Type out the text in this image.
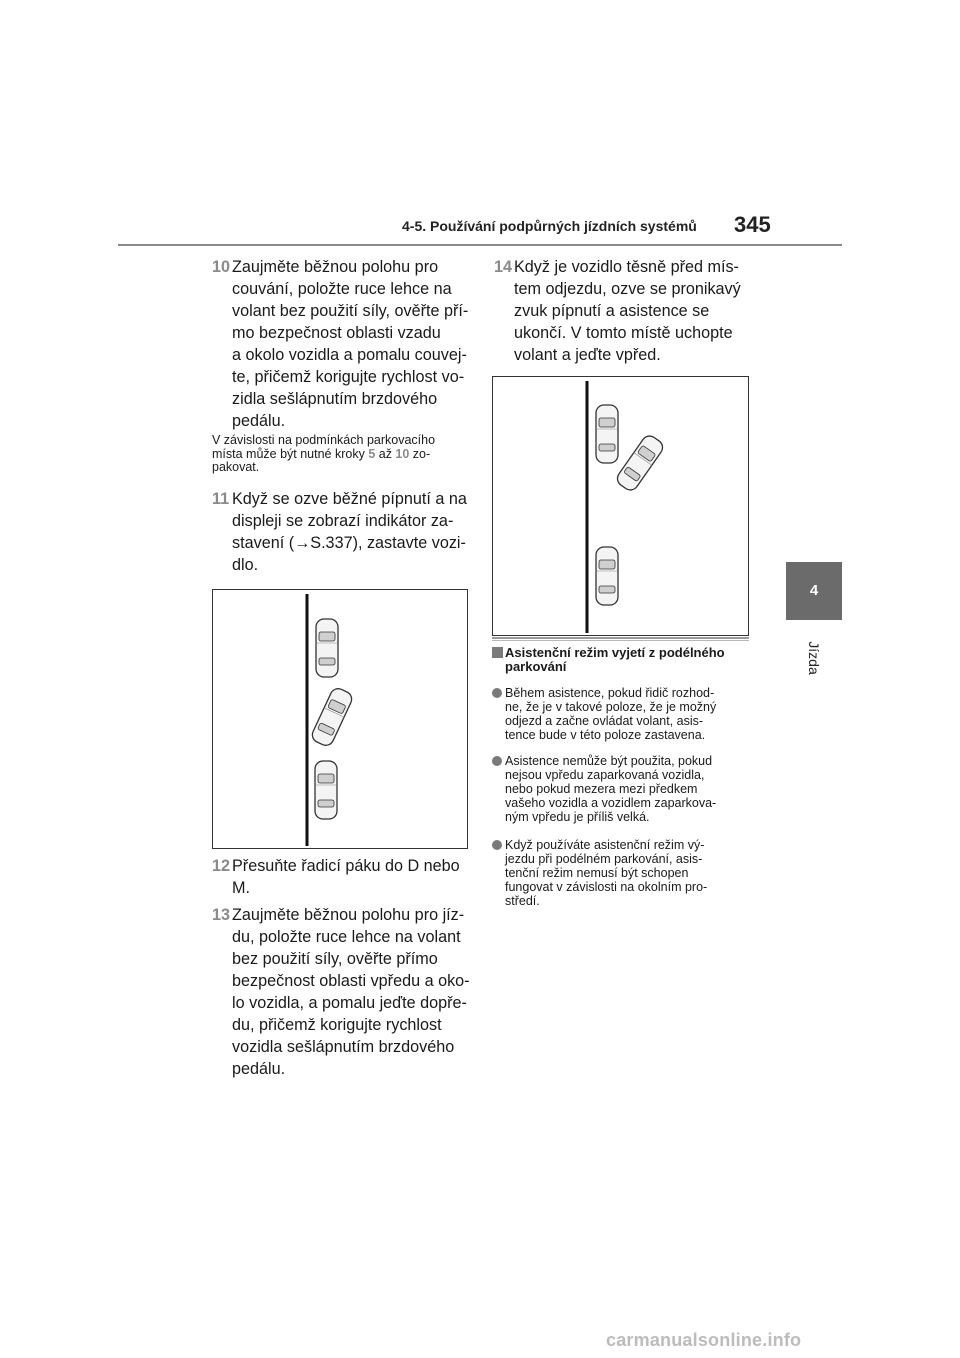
4-5. Používání podpůrných jízdních systémů 345
4
Jízda
10 Zaujměte běžnou polohu pro

couvání, položte ruce lehce na

volant bez použití síly, ověřte pří-

mo bezpečnost oblasti vzadu

a okolo vozidla a pomalu couvej-

te, přičemž korigujte rychlost vo-

zidla sešlápnutím brzdového

pedálu.

V závislosti na podmínkách parkovacího

místa může být nutné kroky 5 až 10 zo-

pakovat.

11 Když se ozve běžné pípnutí a na

displeji se zobrazí indikátor za-

stavení (→S.337), zastavte vozi-

dlo.

12 Přesuňte řadicí páku do D nebo

M.

13 Zaujměte běžnou polohu pro jíz-

du, položte ruce lehce na volant

bez použití síly, ověřte přímo

bezpečnost oblasti vpředu a oko-

lo vozidla, a pomalu jeďte dopře-

du, přičemž korigujte rychlost

vozidla sešlápnutím brzdového

pedálu.

14 Když je vozidlo těsně před mís-

tem odjezdu, ozve se pronikavý

zvuk pípnutí a asistence se

ukončí. V tomto místě uchopte

volant a jeďte vpřed.

Asistenční režim vyjetí z podélného

parkování

Během asistence, pokud řidič rozhod-

ne, že je v takové poloze, že je možný

odjezd a začne ovládat volant, asis-

tence bude v této poloze zastavena.

Asistence nemůže být použita, pokud

nejsou vpředu zaparkovaná vozidla,

nebo pokud mezera mezi předkem

vašeho vozidla a vozidlem zaparkova-

ným vpředu je příliš velká.

Když používáte asistenční režim vý-

jezdu při podélném parkování, asis-

tenční režim nemusí být schopen

fungovat v závislosti na okolním pro-

středí.

carmanualsonline.info
